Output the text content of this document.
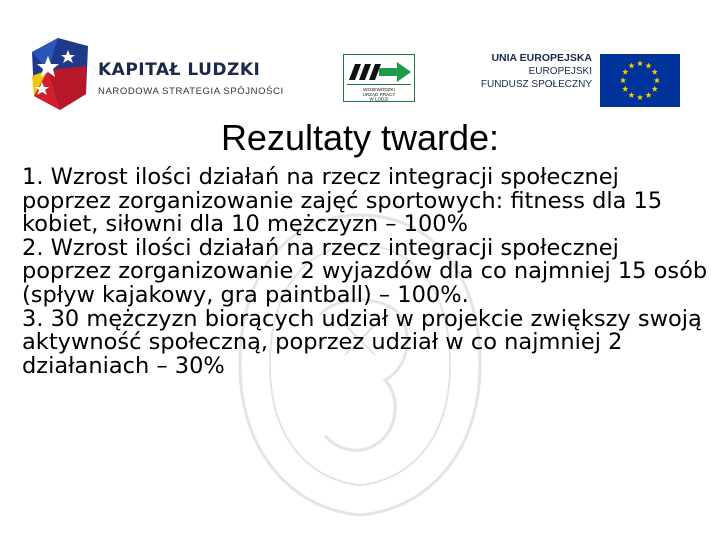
KAPITAŁ LUDZKI
NARODOWA STRATEGIA SPÓJNOŚCI	WOJEWÓDZKI
URZĄD PRACY
W ŁODZI
UNIA EUROPEJSKA
EUROPEJSKI
FUNDUSZ SPOŁECZNY
Rezultaty twarde:
1. Wzrost ilości działań na rzecz integracji społecznej poprzez zorganizowanie zajęć sportowych: fitness dla 15 kobiet, siłowni dla 10 mężczyzn – 100%
2. Wzrost ilości działań na rzecz integracji społecznej poprzez zorganizowanie 2 wyjazdów dla co najmniej 15 osób (spływ kajakowy, gra paintball) – 100%.
3. 30 mężczyzn biorących udział w projekcie zwiększy swoją aktywność społeczną, poprzez udział w co najmniej 2 działaniach – 30%
